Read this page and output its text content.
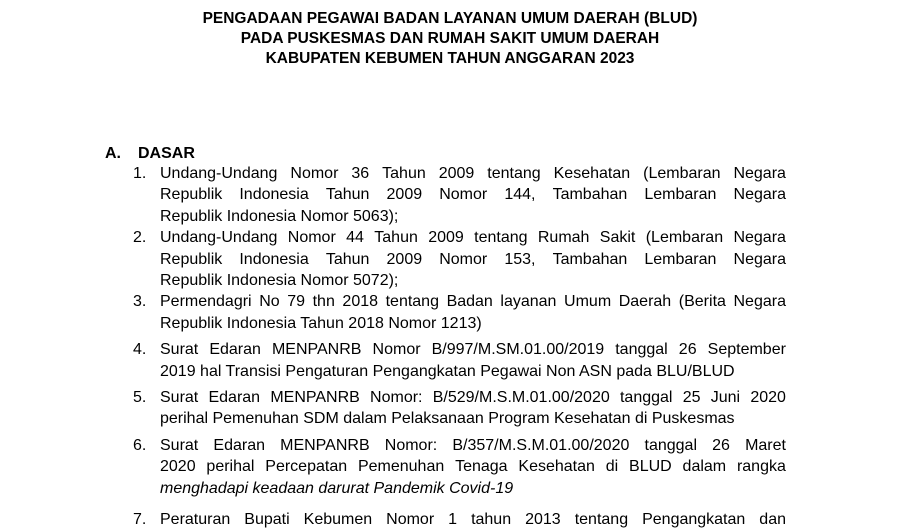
PENGADAAN PEGAWAI BADAN LAYANAN UMUM DAERAH (BLUD)
PADA PUSKESMAS DAN RUMAH SAKIT UMUM DAERAH
KABUPATEN KEBUMEN TAHUN ANGGARAN 2023
A. DASAR
1. Undang-Undang Nomor 36 Tahun 2009 tentang Kesehatan (Lembaran Negara
Republik Indonesia Tahun 2009 Nomor 144, Tambahan Lembaran Negara
Republik Indonesia Nomor 5063);
2. Undang-Undang Nomor 44 Tahun 2009 tentang Rumah Sakit (Lembaran Negara
Republik Indonesia Tahun 2009 Nomor 153, Tambahan Lembaran Negara
Republik Indonesia Nomor 5072);
3. Permendagri No 79 thn 2018 tentang Badan layanan Umum Daerah (Berita Negara
Republik Indonesia Tahun 2018 Nomor 1213)
4. Surat Edaran MENPANRB Nomor B/997/M.SM.01.00/2019 tanggal 26 September
2019 hal Transisi Pengaturan Pengangkatan Pegawai Non ASN pada BLU/BLUD
5. Surat Edaran MENPANRB Nomor: B/529/M.S.M.01.00/2020 tanggal 25 Juni 2020
perihal Pemenuhan SDM dalam Pelaksanaan Program Kesehatan di Puskesmas
6. Surat Edaran MENPANRB Nomor: B/357/M.S.M.01.00/2020 tanggal 26 Maret
2020 perihal Percepatan Pemenuhan Tenaga Kesehatan di BLUD dalam rangka
menghadapi keadaan darurat Pandemik Covid-19
7. Peraturan Bupati Kebumen Nomor 1 tahun 2013 tentang Pengangkatan dan
